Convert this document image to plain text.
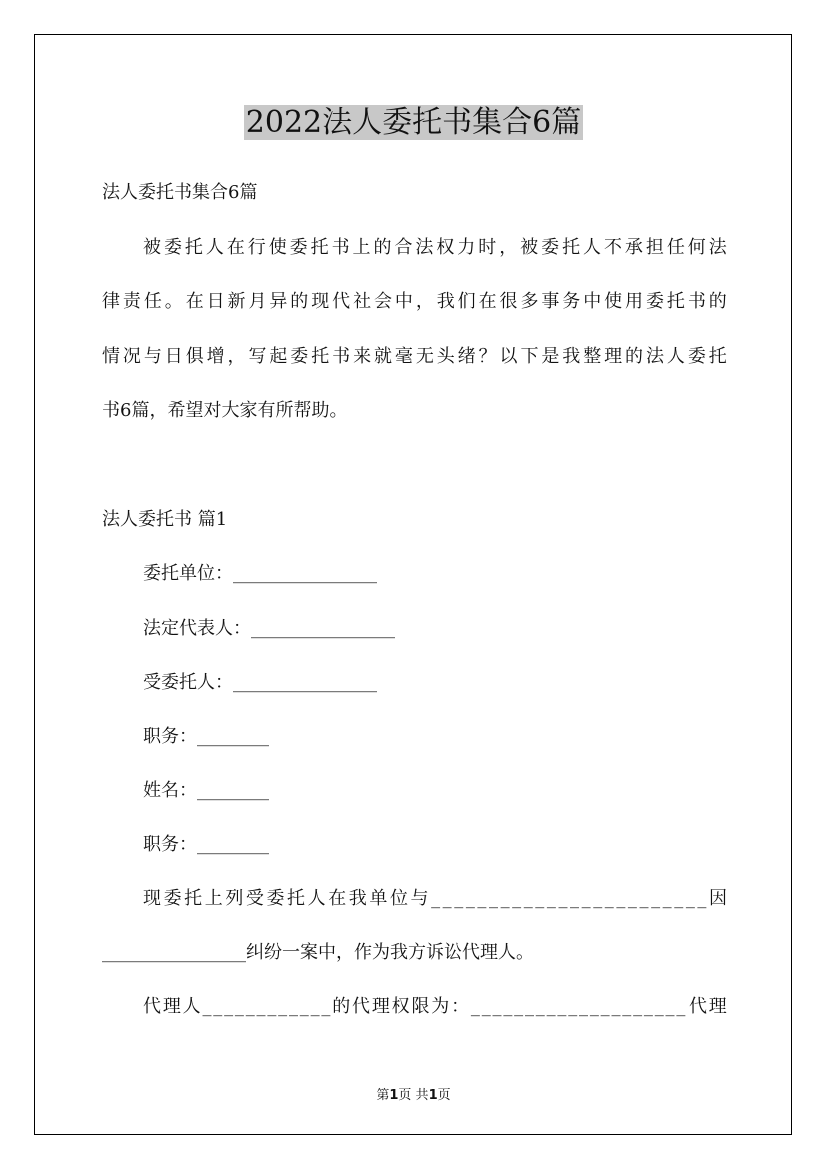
2022法人委托书集合6篇
法人委托书集合6篇
被 委 托 人 在 行 使 委 托 书 上 的 合 法 权 力 时 ， 被 委 托 人 不 承 担 任 何 法
律 责 任 。 在 日 新 月 异 的 现 代 社 会 中 ， 我 们 在 很 多 事 务 中 使 用 委 托 书 的
情 况 与 日 俱 增 ， 写 起 委 托 书 来 就 毫 无 头 绪 ？ 以 下 是 我 整 理 的 法 人 委 托
书6篇，希望对大家有所帮助。
法人委托书 篇1
委托单位：________________
法定代表人：________________
受委托人：________________
职务：________
姓名：________
职务：________
现 委 托 上 列 受 委 托 人 在 我 单 位 与 _ _ _ _ _ _ _ _ _ _ _ _ _ _ _ _ _ _ _ _ _ _ _ _ 因
________________纠纷一案中，作为我方诉讼代理人。
代 理 人 _ _ _ _ _ _ _ _ _ _ _ _ 的 代 理 权 限 为 ： _ _ _ _ _ _ _ _ _ _ _ _ _ _ _ _ _ _ _ _ 代 理
第1页 共1页
